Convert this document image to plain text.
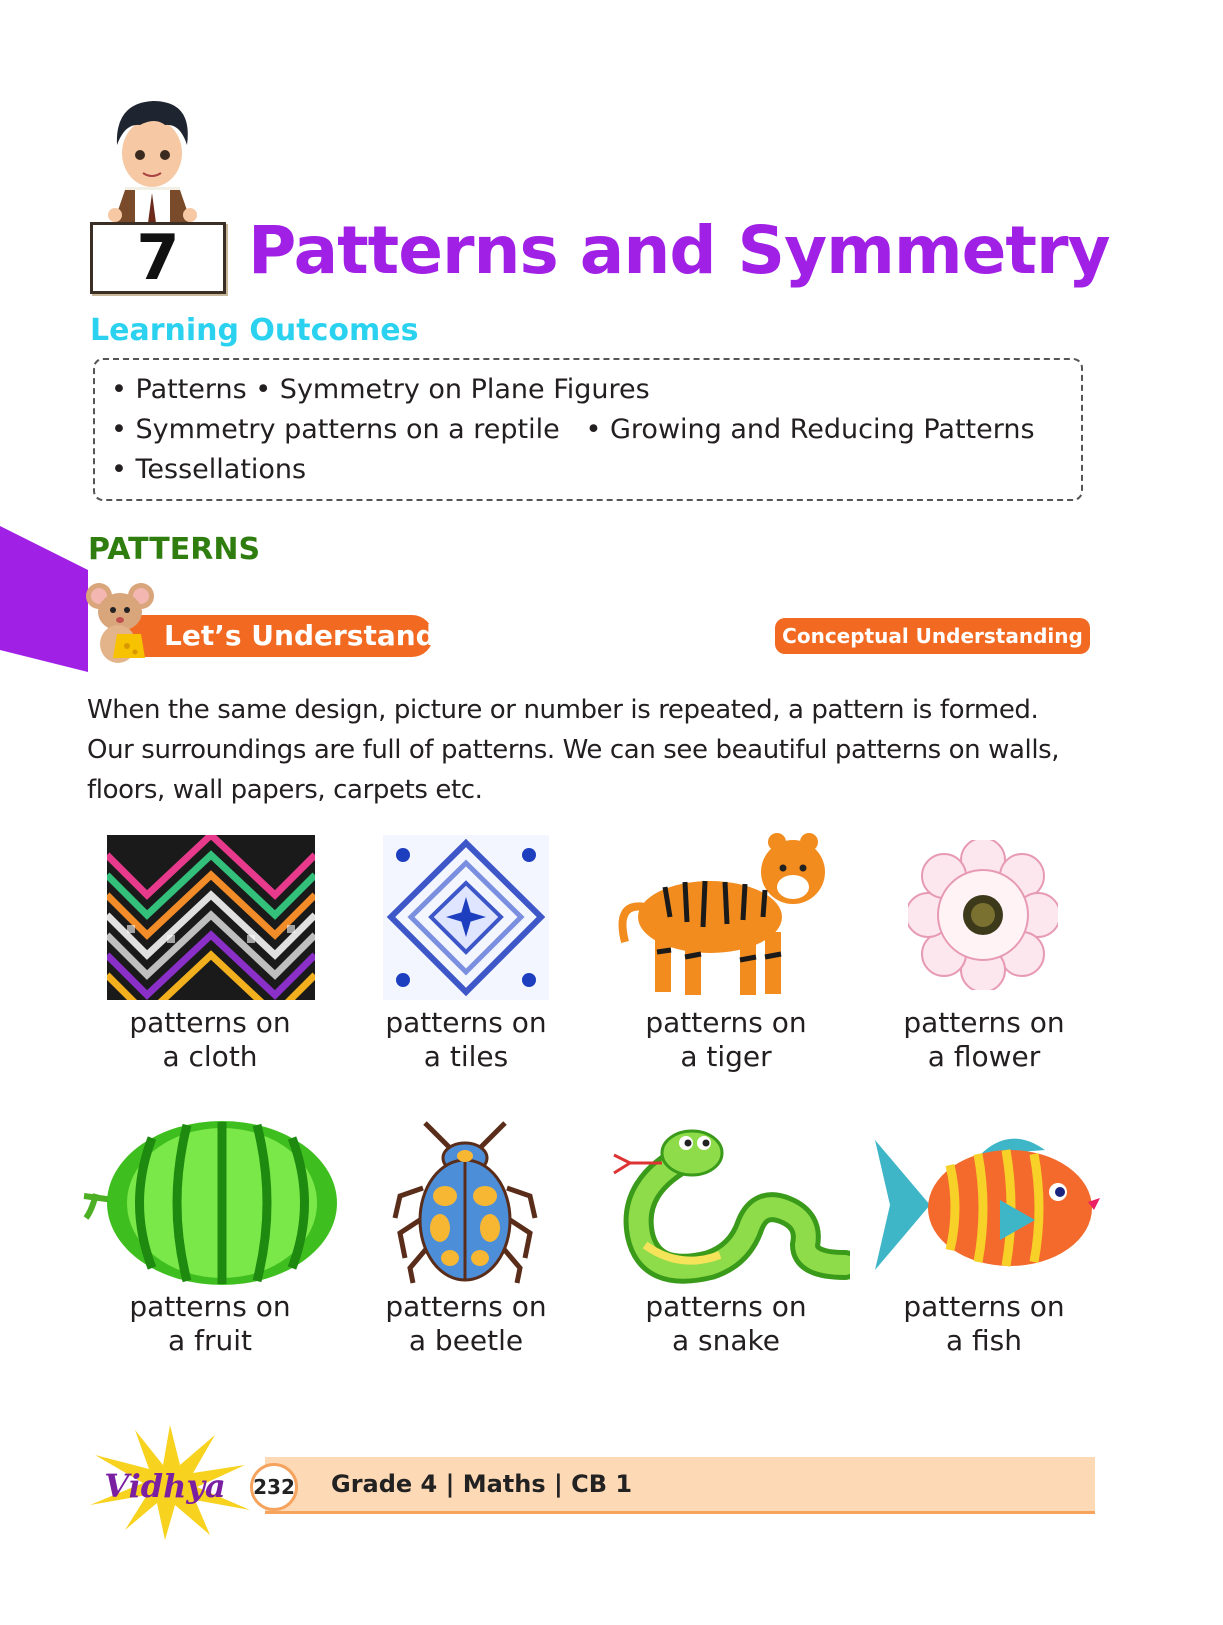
7	Patterns and Symmetry
Learning Outcomes
• Patterns • Symmetry on Plane Figures
• Symmetry patterns on a reptile   • Growing and Reducing Patterns
• Tessellations
PATTERNS
Let’s Understand	Conceptual Understanding
When the same design, picture or number is repeated, a pattern is formed.
Our surroundings are full of patterns. We can see beautiful patterns on walls,
floors, wall papers, carpets etc.
patterns on
a cloth
patterns on
a tiles
patterns on
a tiger
patterns on
a flower
patterns on
a fruit
patterns on
a beetle
patterns on
a snake
patterns on
a fish
Grade 4 | Maths | CB 1
232
Vidhya
